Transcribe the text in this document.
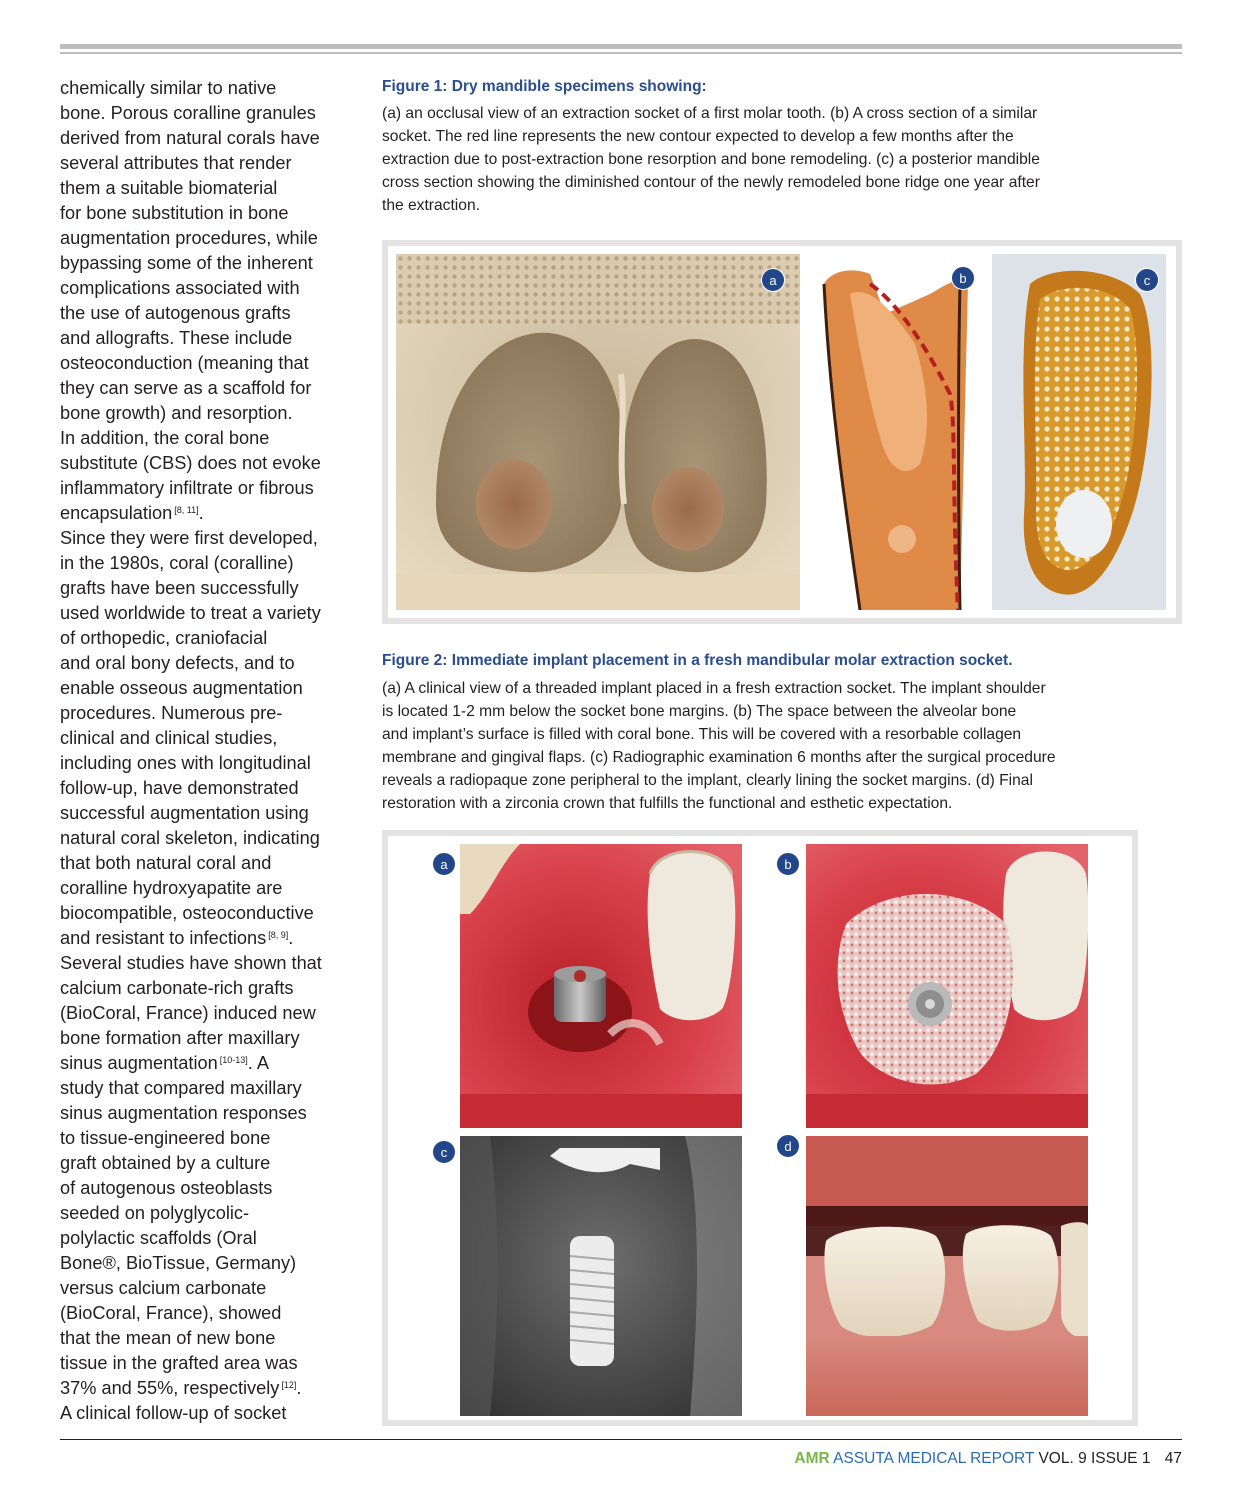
chemically similar to native
bone. Porous coralline granules
derived from natural corals have
several attributes that render
them a suitable biomaterial
for bone substitution in bone
augmentation procedures, while
bypassing some of the inherent
complications associated with
the use of autogenous grafts
and allografts. These include
osteoconduction (meaning that
they can serve as a scaffold for
bone growth) and resorption.
In addition, the coral bone
substitute (CBS) does not evoke
inflammatory infiltrate or fibrous
encapsulation [8, 11].
Since they were first developed,
in the 1980s, coral (coralline)
grafts have been successfully
used worldwide to treat a variety
of orthopedic, craniofacial
and oral bony defects, and to
enable osseous augmentation
procedures. Numerous pre-
clinical and clinical studies,
including ones with longitudinal
follow-up, have demonstrated
successful augmentation using
natural coral skeleton, indicating
that both natural coral and
coralline hydroxyapatite are
biocompatible, osteoconductive
and resistant to infections [8, 9].
Several studies have shown that
calcium carbonate-rich grafts
(BioCoral, France) induced new
bone formation after maxillary
sinus augmentation [10-13]. A
study that compared maxillary
sinus augmentation responses
to tissue-engineered bone
graft obtained by a culture
of autogenous osteoblasts
seeded on polyglycolic-
polylactic scaffolds (Oral
Bone®, BioTissue, Germany)
versus calcium carbonate
(BioCoral, France), showed
that the mean of new bone
tissue in the grafted area was
37% and 55%, respectively [12].
A clinical follow-up of socket
Figure 1: Dry mandible specimens showing:
(a) an occlusal view of an extraction socket of a first molar tooth. (b) A cross section of a similar
socket. The red line represents the new contour expected to develop a few months after the
extraction due to post-extraction bone resorption and bone remodeling. (c) a posterior mandible
cross section showing the diminished contour of the newly remodeled bone ridge one year after
the extraction.
a	b	c
Figure 2: Immediate implant placement in a fresh mandibular molar extraction socket.
(a) A clinical view of a threaded implant placed in a fresh extraction socket. The implant shoulder
is located 1-2 mm below the socket bone margins. (b) The space between the alveolar bone
and implant’s surface is filled with coral bone. This will be covered with a resorbable collagen
membrane and gingival flaps. (c) Radiographic examination 6 months after the surgical procedure
reveals a radiopaque zone peripheral to the implant, clearly lining the socket margins. (d) Final
restoration with a zirconia crown that fulfills the functional and esthetic expectation.
a	b
c	d
AMR ASSUTA MEDICAL REPORT VOL. 9 ISSUE 1 47
